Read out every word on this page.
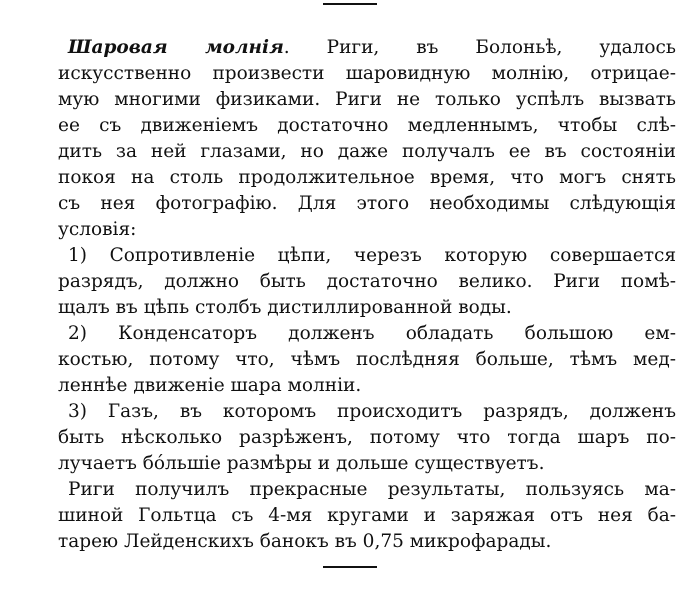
Шаровая молнія. Риги, въ Болоньѣ, удалось
искусственно произвести шаровидную молнію, отрицае-
мую многими физиками. Риги не только успѣлъ вызвать
ее съ движеніемъ достаточно медленнымъ, чтобы слѣ-
дить за ней глазами, но даже получалъ ее въ состояніи
покоя на столь продолжительное время, что могъ снять
съ нея фотографію. Для этого необходимы слѣдующія
условія:
1) Сопротивленіе цѣпи, черезъ которую совершается
разрядъ, должно быть достаточно велико. Риги помѣ-
щалъ въ цѣпь столбъ дистиллированной воды.
2) Конденсаторъ долженъ обладать большою ем-
костью, потому что, чѣмъ послѣдняя больше, тѣмъ мед-
леннѣе движеніе шара молніи.
3) Газъ, въ которомъ происходитъ разрядъ, долженъ
быть нѣсколько разрѣженъ, потому что тогда шаръ по-
лучаетъ бóльшіе размѣры и дольше существуетъ.
Риги получилъ прекрасные результаты, пользуясь ма-
шиной Гольтца съ 4-мя кругами и заряжая отъ нея ба-
тарею Лейденскихъ банокъ въ 0,75 микрофарады.
